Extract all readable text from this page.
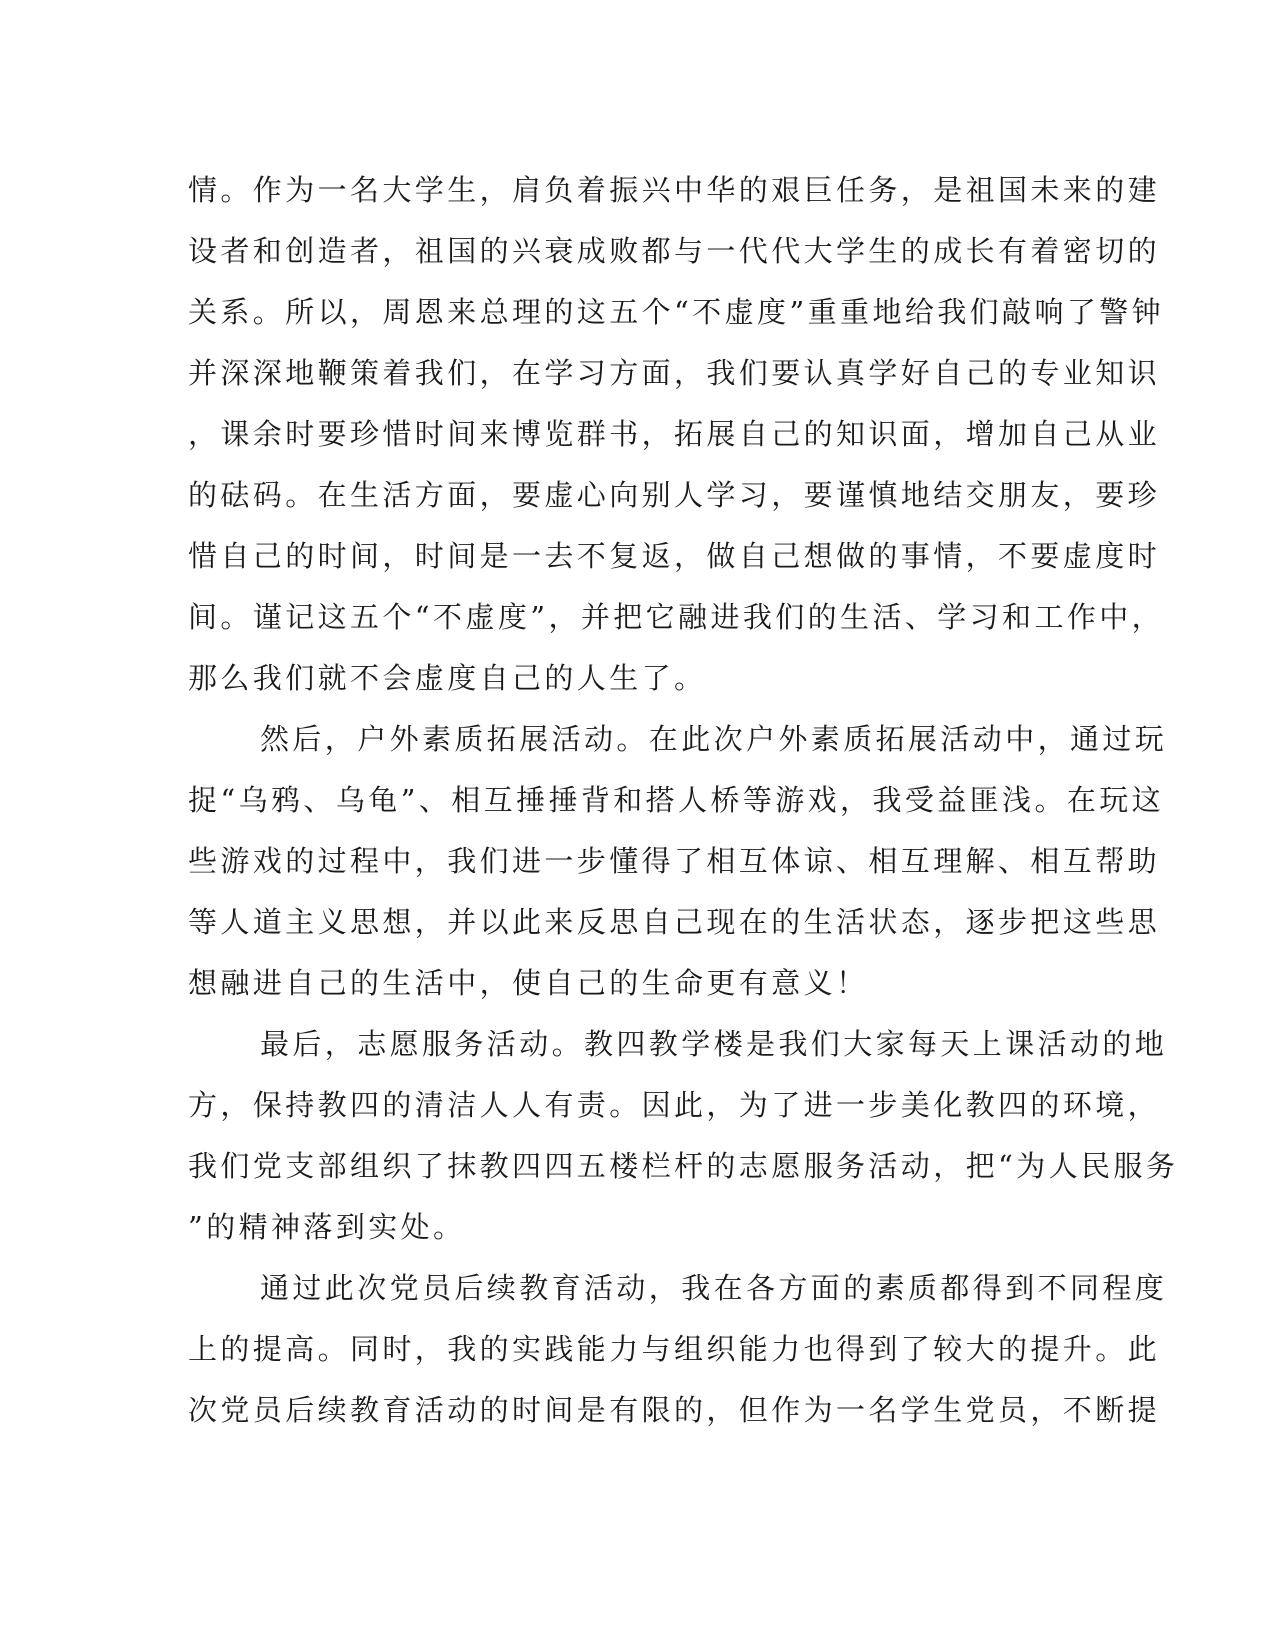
情。作为一名大学生，肩负着振兴中华的艰巨任务，是祖国未来的建
设者和创造者，祖国的兴衰成败都与一代代大学生的成长有着密切的
关系。所以，周恩来总理的这五个“不虚度”重重地给我们敲响了警钟
并深深地鞭策着我们，在学习方面，我们要认真学好自己的专业知识
，课余时要珍惜时间来博览群书，拓展自己的知识面，增加自己从业
的砝码。在生活方面，要虚心向别人学习，要谨慎地结交朋友，要珍
惜自己的时间，时间是一去不复返，做自己想做的事情，不要虚度时
间。谨记这五个“不虚度”，并把它融进我们的生活、学习和工作中，
那么我们就不会虚度自己的人生了。
然后，户外素质拓展活动。在此次户外素质拓展活动中，通过玩
捉“乌鸦、乌龟”、相互捶捶背和搭人桥等游戏，我受益匪浅。在玩这
些游戏的过程中，我们进一步懂得了相互体谅、相互理解、相互帮助
等人道主义思想，并以此来反思自己现在的生活状态，逐步把这些思
想融进自己的生活中，使自己的生命更有意义！
最后，志愿服务活动。教四教学楼是我们大家每天上课活动的地
方，保持教四的清洁人人有责。因此，为了进一步美化教四的环境，
我们党支部组织了抹教四四五楼栏杆的志愿服务活动，把“为人民服务
”的精神落到实处。
通过此次党员后续教育活动，我在各方面的素质都得到不同程度
上的提高。同时，我的实践能力与组织能力也得到了较大的提升。此
次党员后续教育活动的时间是有限的，但作为一名学生党员，不断提
